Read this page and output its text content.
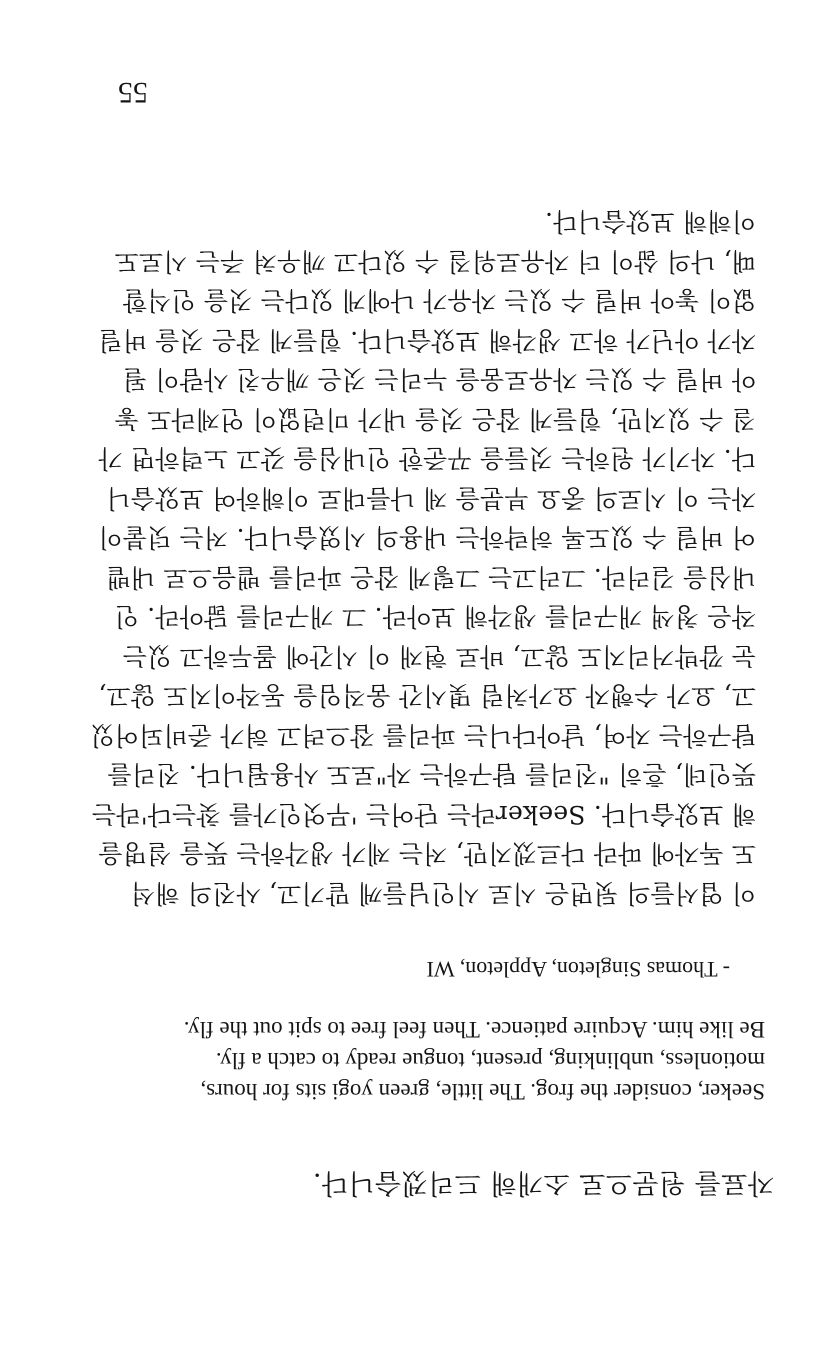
자료를 원문으로 소개해 드리겠습니다.
Seeker, consider the frog. The little, green yogi sits for hours,
motionless, unblinking, present, tongue ready to catch a fly.
Be like him. Acquire patience. Then feel free to spit out the fly.
- Thomas Singleton, Appleton, WI
이 엽서들의 뒷면은 시로 시인님들께 맡기고, 사진의 해석
도 독자에 따라 다르겠지만, 저는 제가 생각하는 뜻을 설명을
해 보았습니다. Seeker라는 단어는 '무엇인가를 찾는다'라는
뜻인데, 흔히 "진리를 탐구하는 자"로도 사용됩니다. 진리를
탐구하는 자여, 날아다니는 파리를 잡으려고 혀가 준비되어있
고, 요가 수행자 요가처럼 몇시간 움직임을 동작이지도 않고,
눈 깜박거리지도 않고, 바로 현재 이 시간에 몰두하고 있는
작은 청색 개구리를 생각해 보아라. 그 개구리를 닮아라. 인
내심을 길러라. 그러고는 그렇게 잡은 파리를 뱉음으로 내뱉
어 버릴 수 있도록 허락하는 내용의 시였습니다. 저는 덧붙이
자는 이 시로의 중요 부분을 제 나름대로 이해하여 보았습니
다. 자기가 원하는 것들을 꾸준한 인내심을 갖고 노력하면 가
질 수 있지만, 힘들게 잡은 것을 내가 미련없이 언제라도 놓
아 버릴 수 있는 자유로움을 누리는 것은 깨우친 사람이 될
자가 아닌가 하고 생각해 보았습니다. 힘들게 잡은 것을 버릴
없이 놓아 버릴 수 있는 자유가 나에게 있다는 것을 인식할
때, 나의 삶이 더 자유로워질 수 있다고 깨우쳐 주는 시로도
이해해 보았습니다.
55
